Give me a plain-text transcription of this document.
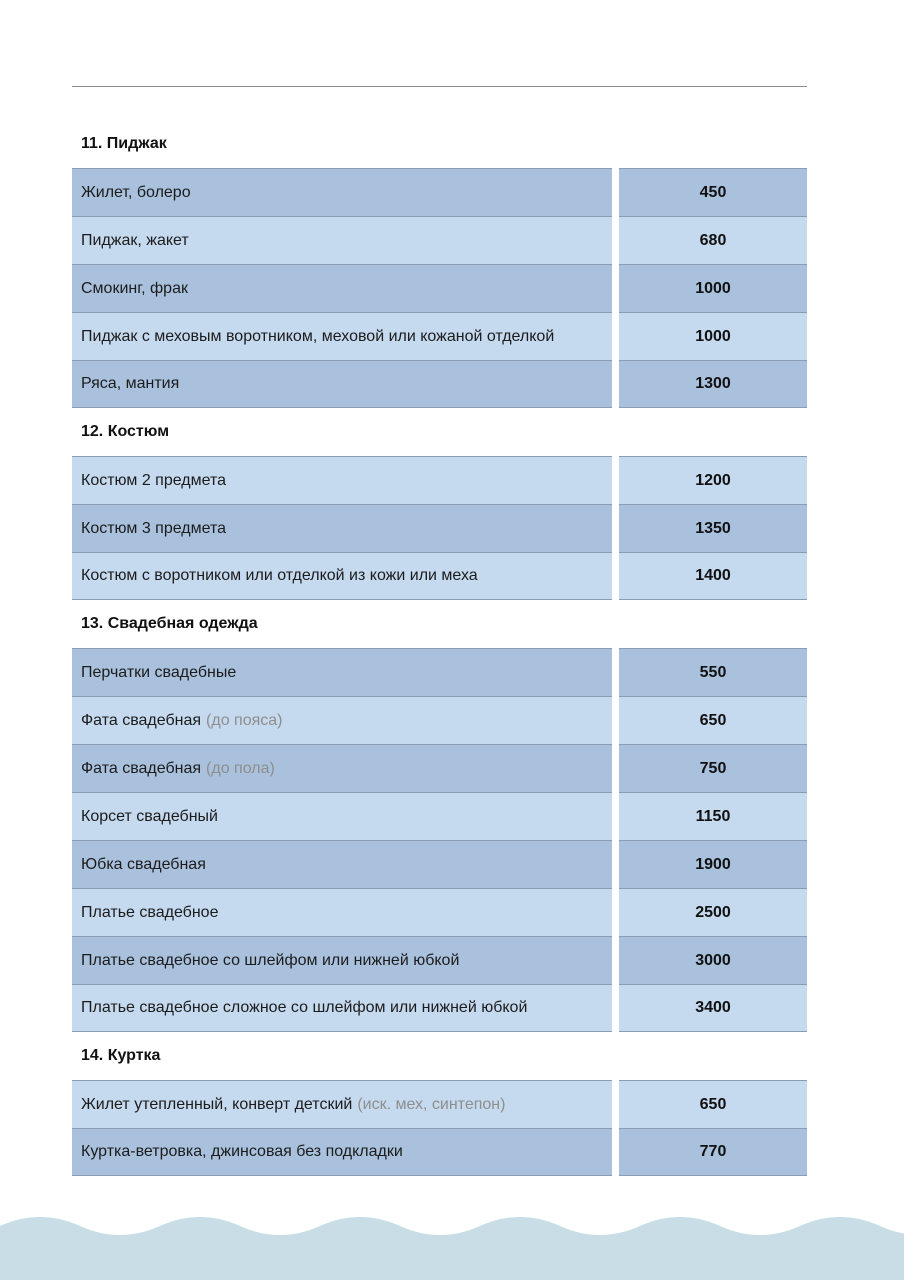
11. Пиджак
Жилет, болеро	450
Пиджак, жакет	680
Смокинг, фрак	1000
Пиджак с меховым воротником, меховой или кожаной отделкой	1000
Ряса, мантия	1300
12. Костюм
Костюм 2 предмета	1200
Костюм 3 предмета	1350
Костюм с воротником или отделкой из кожи или меха	1400
13. Свадебная одежда
Перчатки свадебные	550
Фата свадебная (до пояса)	650
Фата свадебная (до пола)	750
Корсет свадебный	1150
Юбка свадебная	1900
Платье свадебное	2500
Платье свадебное со шлейфом или нижней юбкой	3000
Платье свадебное сложное со шлейфом или нижней юбкой	3400
14. Куртка
Жилет утепленный, конверт детский (иск. мех, синтепон)	650
Куртка-ветровка, джинсовая без подкладки	770
